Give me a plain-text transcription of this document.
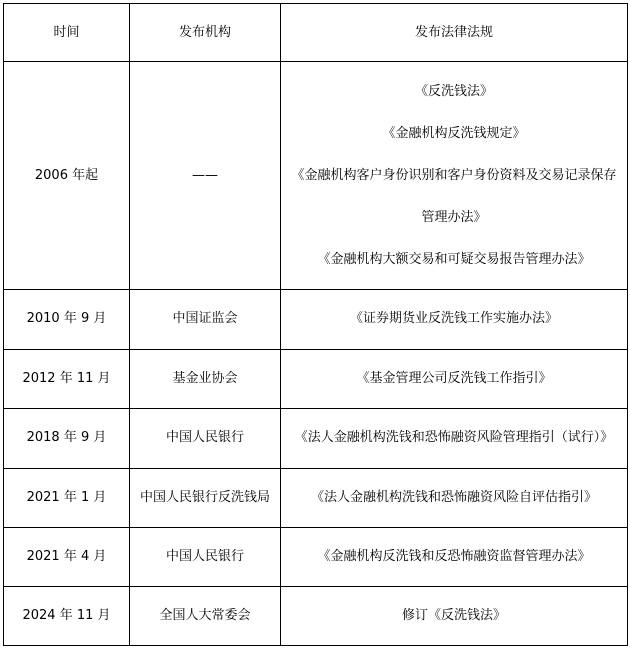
时间	发布机构	发布法律法规
2006 年起	——	《反洗钱法》
《金融机构反洗钱规定》
《金融机构客户身份识别和客户身份资料及交易记录保存管理办法》
《金融机构大额交易和可疑交易报告管理办法》

2010 年 9 月	中国证监会	《证券期货业反洗钱工作实施办法》
2012 年 11 月	基金业协会	《基金管理公司反洗钱工作指引》
2018 年 9 月	中国人民银行	《法人金融机构洗钱和恐怖融资风险管理指引（试行）》
2021 年 1 月	中国人民银行反洗钱局	《法人金融机构洗钱和恐怖融资风险自评估指引》
2021 年 4 月	中国人民银行	《金融机构反洗钱和反恐怖融资监督管理办法》
2024 年 11 月	全国人大常委会	修订《反洗钱法》
